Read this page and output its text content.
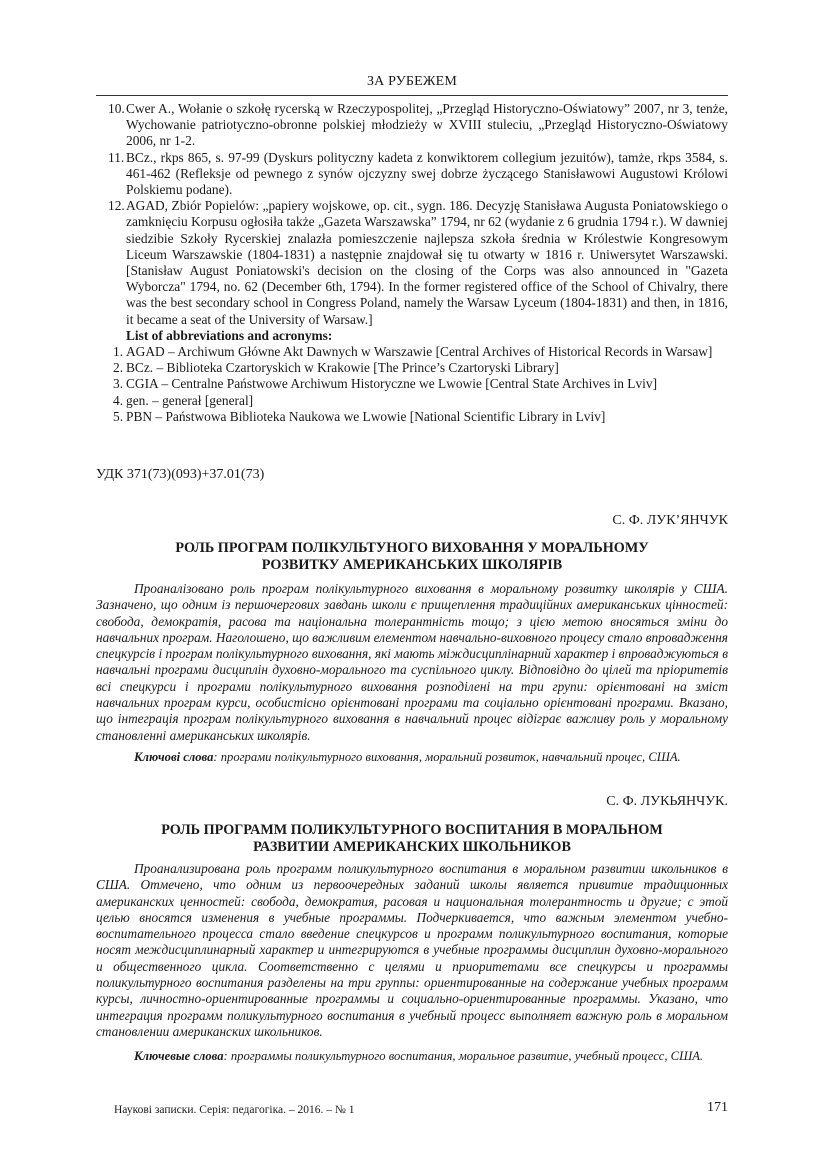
ЗА РУБЕЖЕМ
10. Cwer A., Wołanie o szkołę rycerską w Rzeczypospolitej, „Przegląd Historyczno-Oświatowy” 2007, nr 3, tenże, Wychowanie patriotyczno-obronne polskiej młodzieży w XVIII stuleciu, „Przegląd Historyczno-Oświatowy 2006, nr 1-2.
11. BCz., rkps 865, s. 97-99 (Dyskurs polityczny kadeta z konwiktorem collegium jezuitów), tamże, rkps 3584, s. 461-462 (Refleksje od pewnego z synów ojczyzny swej dobrze życzącego Stanisławowi Augustowi Królowi Polskiemu podane).
12. AGAD, Zbiór Popielów: „papiery wojskowe, op. cit., sygn. 186. Decyzję Stanisława Augusta Poniatowskiego o zamknięciu Korpusu ogłosiła także „Gazeta Warszawska” 1794, nr 62 (wydanie z 6 grudnia 1794 r.). W dawniej siedzibie Szkoły Rycerskiej znalazła pomieszczenie najlepsza szkoła średnia w Królestwie Kongresowym Liceum Warszawskie (1804-1831) a następnie znajdował się tu otwarty w 1816 r. Uniwersytet Warszawski. [Stanisław August Poniatowski's decision on the closing of the Corps was also announced in "Gazeta Wyborcza" 1794, no. 62 (December 6th, 1794). In the former registered office of the School of Chivalry, there was the best secondary school in Congress Poland, namely the Warsaw Lyceum (1804-1831) and then, in 1816, it became a seat of the University of Warsaw.]
List of abbreviations and acronyms:
1. AGAD – Archiwum Główne Akt Dawnych w Warszawie [Central Archives of Historical Records in Warsaw]
2. BCz. – Biblioteka Czartoryskich w Krakowie [The Prince’s Czartoryski Library]
3. CGIA – Centralne Państwowe Archiwum Historyczne we Lwowie [Central State Archives in Lviv]
4. gen. – generał [general]
5. PBN – Państwowa Biblioteka Naukowa we Lwowie [National Scientific Library in Lviv]
УДК 371(73)(093)+37.01(73)
С. Ф. ЛУК’ЯНЧУК
РОЛЬ ПРОГРАМ ПОЛІКУЛЬТУНОГО ВИХОВАННЯ У МОРАЛЬНОМУ
РОЗВИТКУ АМЕРИКАНСЬКИХ ШКОЛЯРІВ
Проаналізовано роль програм полікультурного виховання в моральному розвитку школярів у США. Зазначено, що одним із першочергових завдань школи є прищеплення традиційних американських цінностей: свобода, демократія, расова та національна толерантність тощо; з цією метою вносяться зміни до навчальних програм. Наголошено, що важливим елементом навчально-виховного процесу стало впровадження спецкурсів і програм полікультурного виховання, які мають міждисциплінарний характер і впроваджуються в навчальні програми дисциплін духовно-морального та суспільного циклу. Відповідно до цілей та пріоритетів всі спецкурси і програми полікультурного виховання розподілені на три групи: орієнтовані на зміст навчальних програм курси, особистісно орієнтовані програми та соціально орієнтовані програми. Вказано, що інтеграція програм полікультурного виховання в навчальний процес відіграє важливу роль у моральному становленні американських школярів.
Ключові слова: програми полікультурного виховання, моральний розвиток, навчальний процес, США.
С. Ф. ЛУКЬЯНЧУК.
РОЛЬ ПРОГРАММ ПОЛИКУЛЬТУРНОГО ВОСПИТАНИЯ В МОРАЛЬНОМ
РАЗВИТИИ АМЕРИКАНСКИХ ШКОЛЬНИКОВ
Проанализирована роль программ поликультурного воспитания в моральном развитии школьников в США. Отмечено, что одним из первоочередных заданий школы является привитие традиционных американских ценностей: свобода, демократия, расовая и национальная толерантность и другие; с этой целью вносятся изменения в учебные программы. Подчеркивается, что важным элементом учебно-воспитательного процесса стало введение спецкурсов и программ поликультурного воспитания, которые носят междисциплинарный характер и интегрируются в учебные программы дисциплин духовно-морального и общественного цикла. Соответственно с целями и приоритетами все спецкурсы и программы поликультурного воспитания разделены на три группы: ориентированные на содержание учебных программ курсы, личностно-ориентированные программы и социально-ориентированные программы. Указано, что интеграция программ поликультурного воспитания в учебный процесс выполняет важную роль в моральном становлении американских школьников.
Ключевые слова: программы поликультурного воспитания, моральное развитие, учебный процесс, США.
Наукові записки. Серія: педагогіка. – 2016. – № 1	171
